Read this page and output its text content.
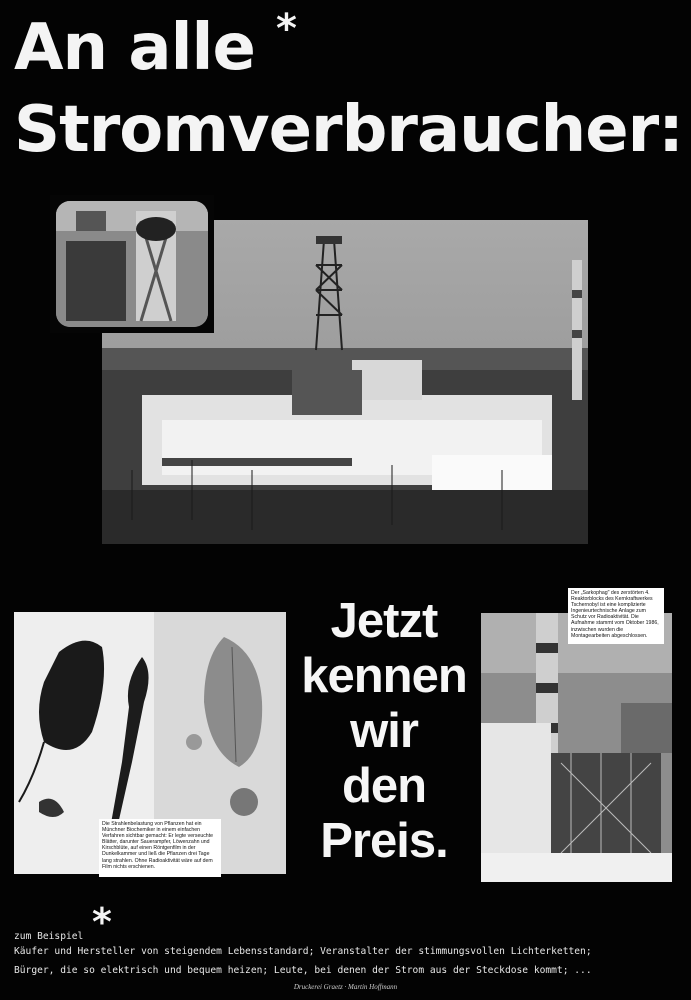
An alle *
Stromverbraucher:
Die Strahlenbelastung von Pflanzen hat ein Münchner Biochemiker in einem einfachen Verfahren sichtbar gemacht: Er legte verseuchte Blätter, darunter Sauerampfer, Löwenzahn und Kirschblüte, auf einen Röntgenfilm in der Dunkelkammer und ließ die Pflanzen drei Tage lang strahlen. Ohne Radioaktivität wäre auf dem Film nichts erschienen.
Jetzt
kennen
wir
den
Preis.
Der „Sarkophag" des zerstörten 4. Reaktorblocks des Kernkraftwerkes Tschernobyl ist eine komplizierte Ingenieurtechnische Anlage zum Schutz vor Radioaktivität. Die Aufnahme stammt vom Oktober 1986, inzwischen wurden die Montagearbeiten abgeschlossen.
*
zum Beispiel
Käufer und Hersteller von steigendem Lebensstandard; Veranstalter der stimmungsvollen Lichterketten;
Bürger, die so elektrisch und bequem heizen; Leute, bei denen der Strom aus der Steckdose kommt; ...
Druckerei Graetz · Martin Hoffmann
